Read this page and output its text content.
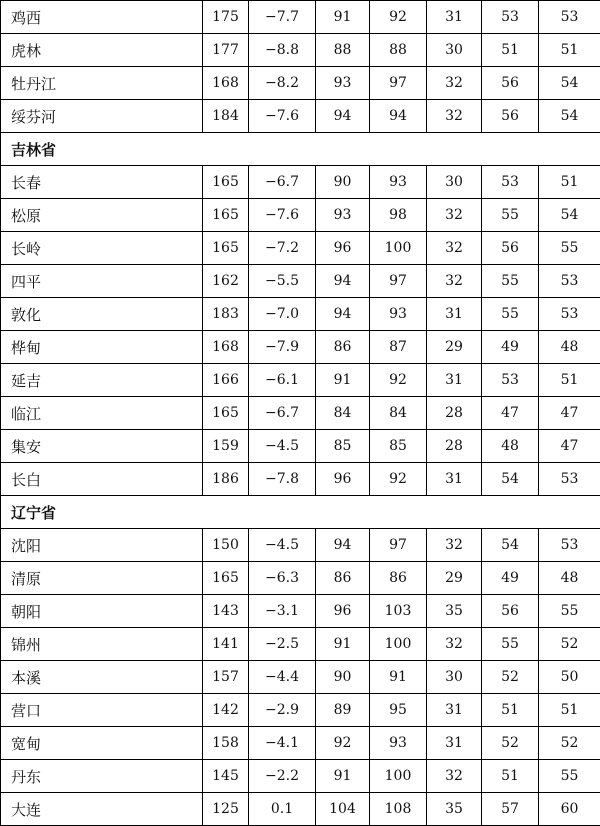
鸡西	175	−7.7	91	92	31	53	53
虎林	177	−8.8	88	88	30	51	51
牡丹江	168	−8.2	93	97	32	56	54
绥芬河	184	−7.6	94	94	32	56	54
吉林省							
长春	165	−6.7	90	93	30	53	51
松原	165	−7.6	93	98	32	55	54
长岭	165	−7.2	96	100	32	56	55
四平	162	−5.5	94	97	32	55	53
敦化	183	−7.0	94	93	31	55	53
桦甸	168	−7.9	86	87	29	49	48
延吉	166	−6.1	91	92	31	53	51
临江	165	−6.7	84	84	28	47	47
集安	159	−4.5	85	85	28	48	47
长白	186	−7.8	96	92	31	54	53
辽宁省							
沈阳	150	−4.5	94	97	32	54	53
清原	165	−6.3	86	86	29	49	48
朝阳	143	−3.1	96	103	35	56	55
锦州	141	−2.5	91	100	32	55	52
本溪	157	−4.4	90	91	30	52	50
营口	142	−2.9	89	95	31	51	51
宽甸	158	−4.1	92	93	31	52	52
丹东	145	−2.2	91	100	32	51	55
大连	125	0.1	104	108	35	57	60
